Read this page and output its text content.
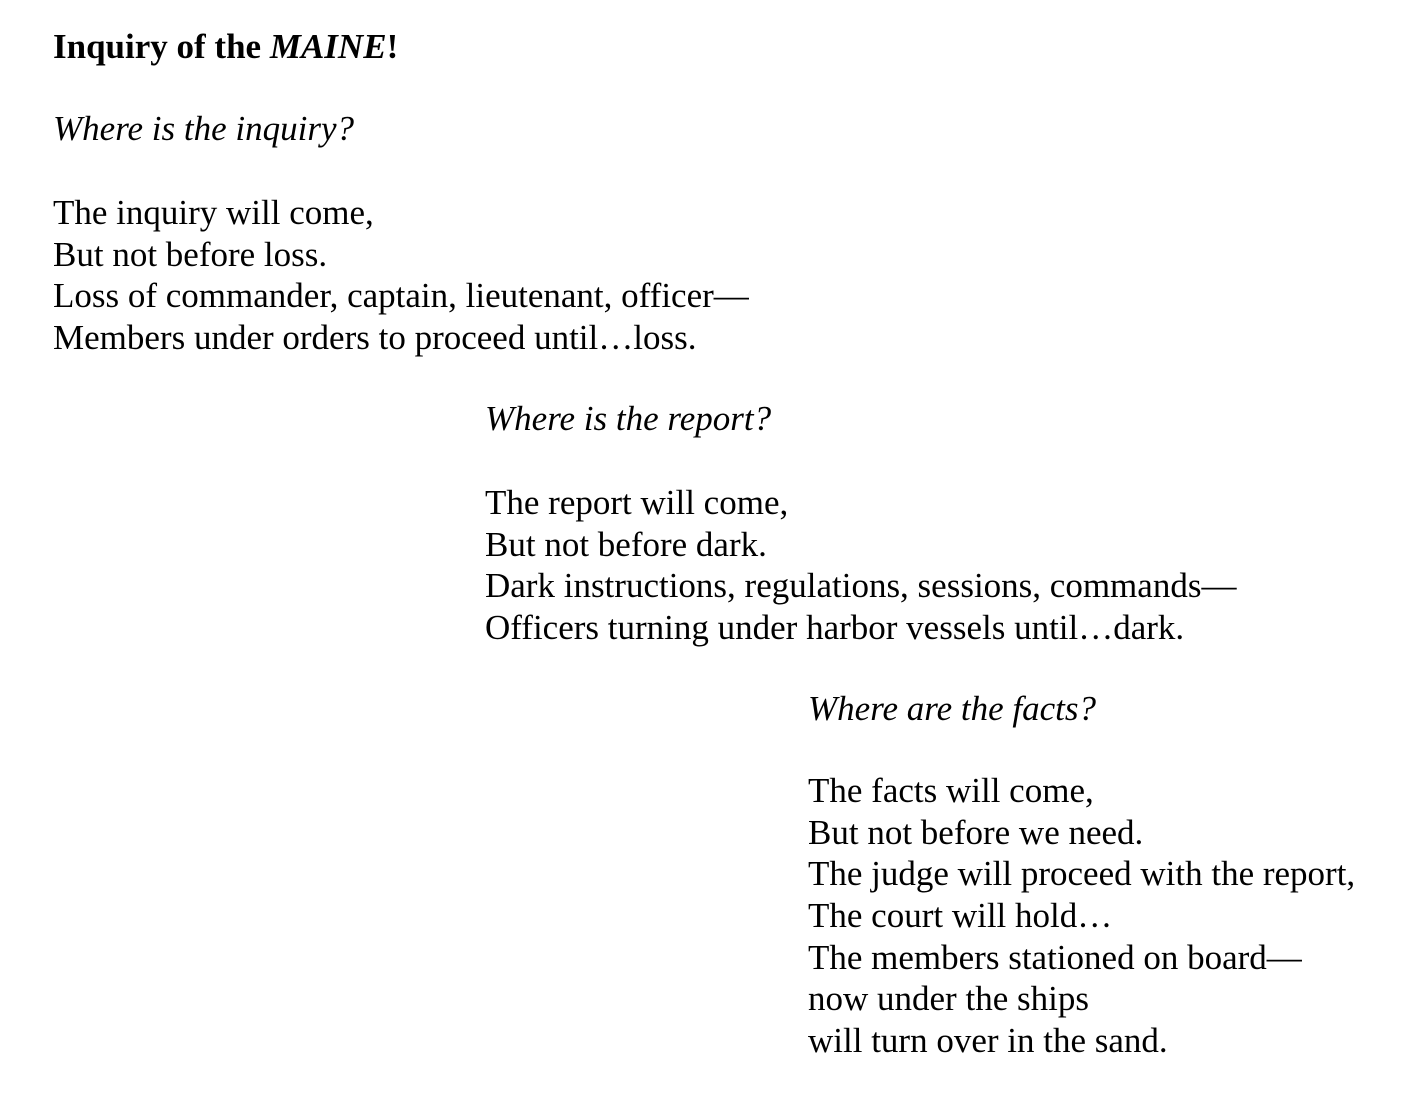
Inquiry of the MAINE!
Where is the inquiry?
The inquiry will come,
But not before loss.
Loss of commander, captain, lieutenant, officer—
Members under orders to proceed until…loss.
Where is the report?
The report will come,
But not before dark.
Dark instructions, regulations, sessions, commands—
Officers turning under harbor vessels until…dark.
Where are the facts?
The facts will come,
But not before we need.
The judge will proceed with the report,
The court will hold…
The members stationed on board—
now under the ships
will turn over in the sand.
